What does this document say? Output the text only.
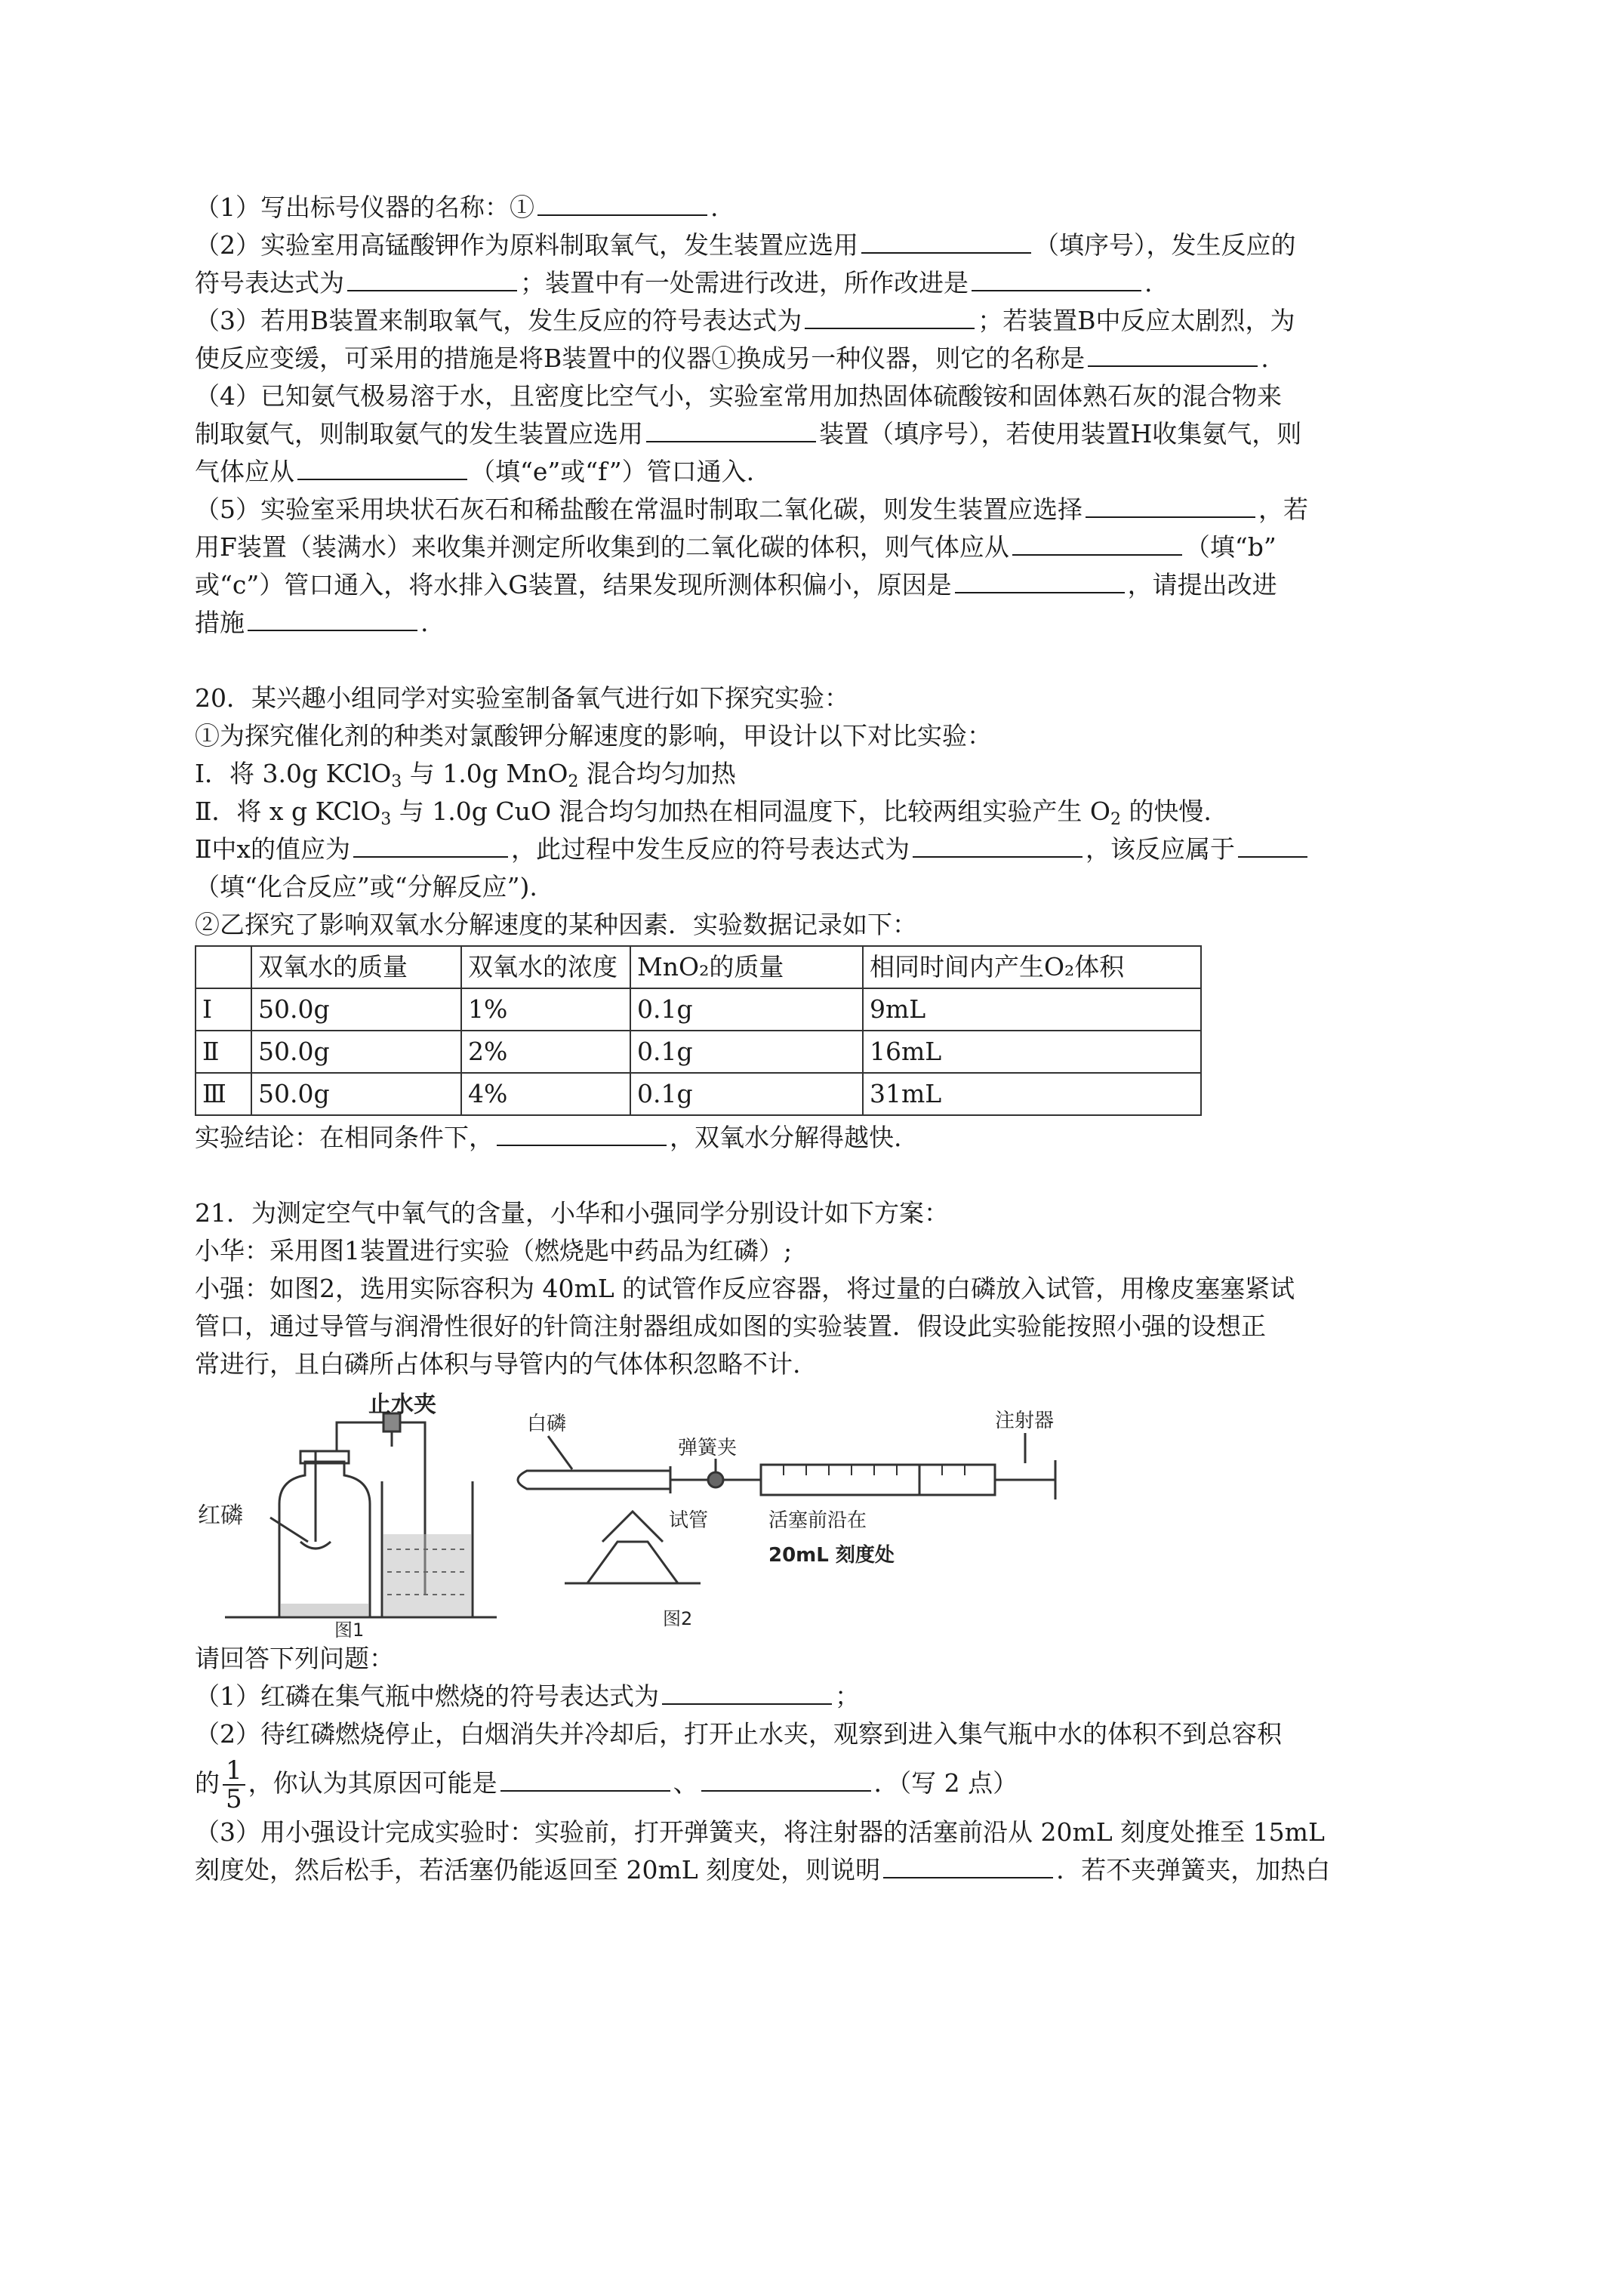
（1）写出标号仪器的名称：①	.

（2）实验室用高锰酸钾作为原料制取氧气，发生装置应选用	（填序号），发生反应的

符号表达式为	；装置中有一处需进行改进，所作改进是	.

（3）若用B装置来制取氧气，发生反应的符号表达式为	；若装置B中反应太剧烈，为

使反应变缓，可采用的措施是将B装置中的仪器①换成另一种仪器，则它的名称是	.

（4）已知氨气极易溶于水，且密度比空气小，实验室常用加热固体硫酸铵和固体熟石灰的混合物来

制取氨气，则制取氨气的发生装置应选用	装置（填序号），若使用装置H收集氨气，则

气体应从	（填“e”或“f”）管口通入.

（5）实验室采用块状石灰石和稀盐酸在常温时制取二氧化碳，则发生装置应选择	，若

用F装置（装满水）来收集并测定所收集到的二氧化碳的体积，则气体应从	（填“b”

或“c”）管口通入，将水排入G装置，结果发现所测体积偏小，原因是	，请提出改进

措施	.

20．某兴趣小组同学对实验室制备氧气进行如下探究实验：

①为探究催化剂的种类对氯酸钾分解速度的影响，甲设计以下对比实验：

Ⅰ．将 3.0g KClO$_3$ 与 1.0g MnO$_2$ 混合均匀加热

Ⅱ．将 x g KClO$_3$ 与 1.0g CuO 混合均匀加热在相同温度下，比较两组实验产生 $O_2$ 的快慢.

Ⅱ中x的值应为	，此过程中发生反应的符号表达式为	，该反应属于

（填“化合反应”或“分解反应”).

②乙探究了影响双氧水分解速度的某种因素．实验数据记录如下：

	双氧水的质量	双氧水的浓度	MnO₂的质量	相同时间内产生O₂体积
Ⅰ	50.0g	1%	0.1g	9mL
Ⅱ	50.0g	2%	0.1g	16mL
Ⅲ	50.0g	4%	0.1g	31mL

实验结论：在相同条件下，	，双氧水分解得越快.

21．为测定空气中氧气的含量，小华和小强同学分别设计如下方案：

小华：采用图1装置进行实验（燃烧匙中药品为红磷）;

小强：如图2，选用实际容积为 40mL 的试管作反应容器，将过量的白磷放入试管，用橡皮塞塞紧试

管口，通过导管与润滑性很好的针筒注射器组成如图的实验装置．假设此实验能按照小强的设想正

常进行，且白磷所占体积与导管内的气体体积忽略不计.

止水夹
红磷
图1
白磷
弹簧夹
注射器
试管	活塞前沿在
20mL 刻度处
图2

请回答下列问题：

（1）红磷在集气瓶中燃烧的符号表达式为	；

（2）待红磷燃烧停止，白烟消失并冷却后，打开止水夹，观察到进入集气瓶中水的体积不到总容积

的 $\frac{1}{5}$ ，你认为其原因可能是	、	．（写 2 点）

（3）用小强设计完成实验时：实验前，打开弹簧夹，将注射器的活塞前沿从 20mL 刻度处推至 15mL

刻度处，然后松手，若活塞仍能返回至 20mL 刻度处，则说明	．若不夹弹簧夹，加热白
